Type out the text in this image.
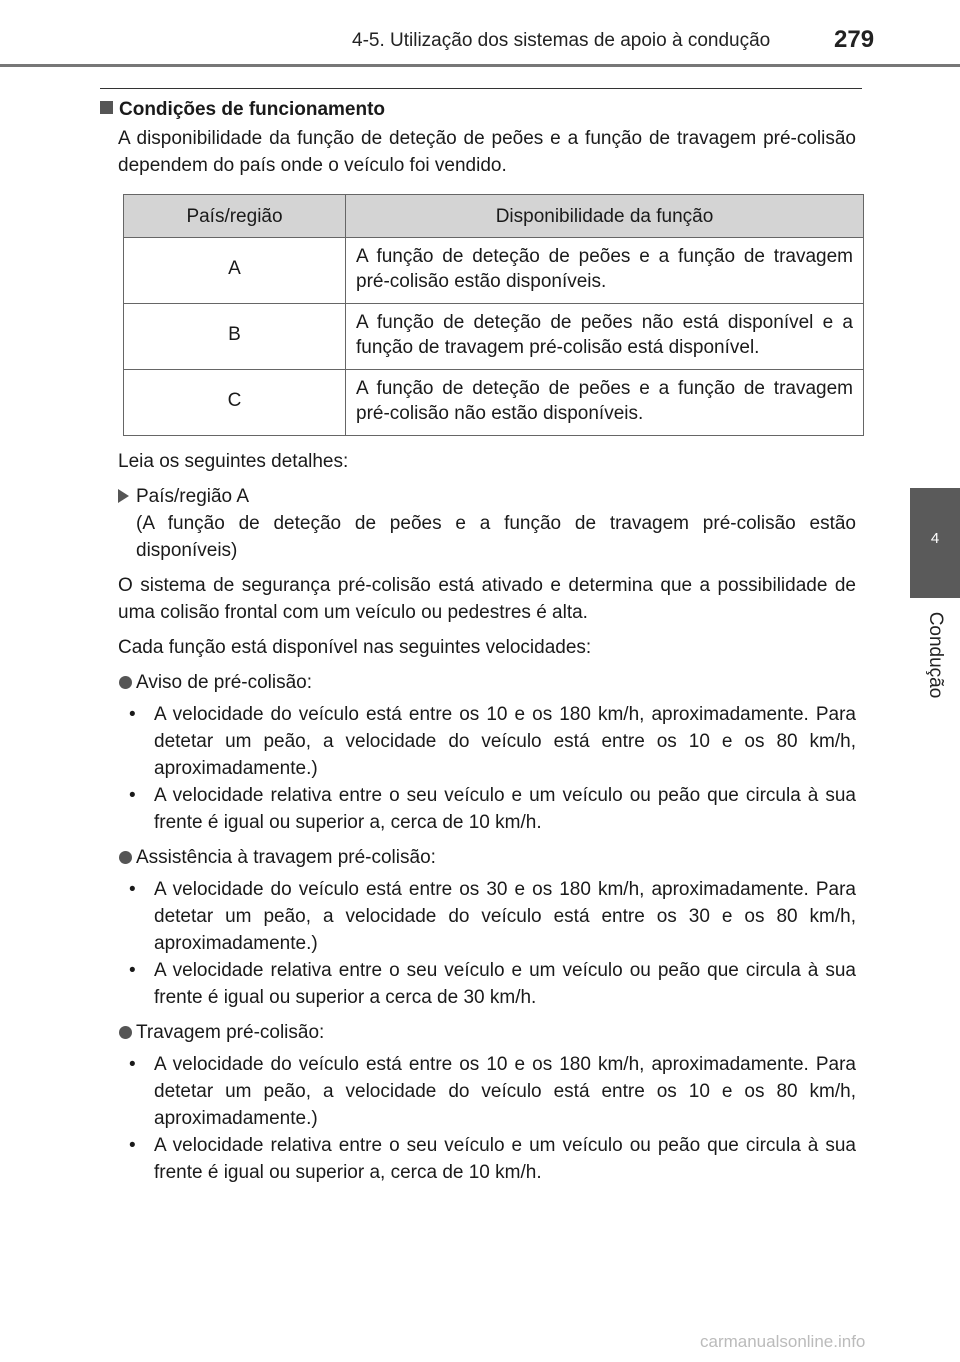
4-5. Utilização dos sistemas de apoio à condução	279
4
Condução

Condições de funcionamento

A disponibilidade da função de deteção de peões e a função de travagem pré-colisão dependem do país onde o veículo foi vendido.

País/região	Disponibilidade da função
A	A função de deteção de peões e a função de travagem pré-colisão estão disponíveis.
B	A função de deteção de peões não está disponível e a função de travagem pré-colisão está disponível.
C	A função de deteção de peões e a função de travagem pré-colisão não estão disponíveis.

Leia os seguintes detalhes:

País/região A

(A função de deteção de peões e a função de travagem pré-colisão estão disponíveis)

O sistema de segurança pré-colisão está ativado e determina que a possibilidade de uma colisão frontal com um veículo ou pedestres é alta.

Cada função está disponível nas seguintes velocidades:

Aviso de pré-colisão:

• A velocidade do veículo está entre os 10 e os 180 km/h, aproximadamente. Para detetar um peão, a velocidade do veículo está entre os 10 e os 80 km/h, aproximadamente.)

• A velocidade relativa entre o seu veículo e um veículo ou peão que circula à sua frente é igual ou superior a, cerca de 10 km/h.

Assistência à travagem pré-colisão:

• A velocidade do veículo está entre os 30 e os 180 km/h, aproximadamente. Para detetar um peão, a velocidade do veículo está entre os 30 e os 80 km/h, aproximadamente.)

• A velocidade relativa entre o seu veículo e um veículo ou peão que circula à sua frente é igual ou superior a cerca de 30 km/h.

Travagem pré-colisão:

• A velocidade do veículo está entre os 10 e os 180 km/h, aproximadamente. Para detetar um peão, a velocidade do veículo está entre os 10 e os 80 km/h, aproximadamente.)

• A velocidade relativa entre o seu veículo e um veículo ou peão que circula à sua frente é igual ou superior a, cerca de 10 km/h.

carmanualsonline.info
